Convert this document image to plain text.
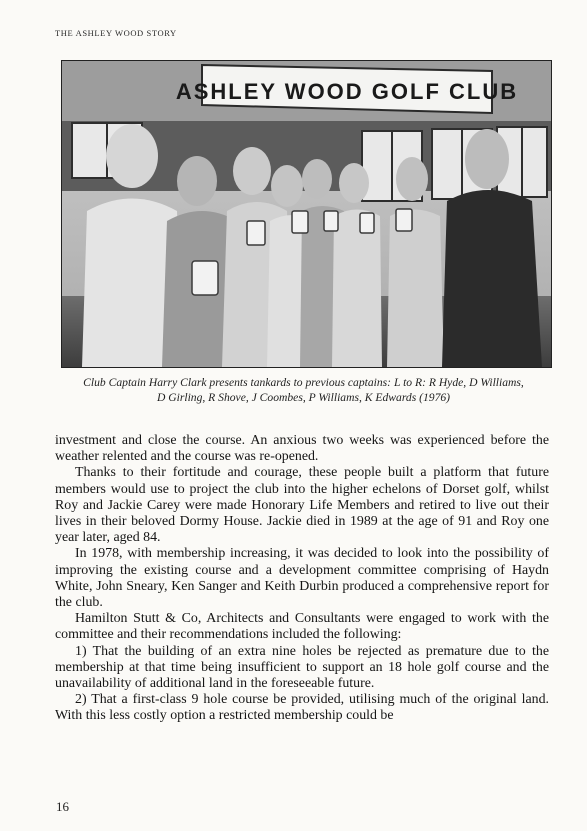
THE ASHLEY WOOD STORY
ASHLEY WOOD GOLF CLUB
Club Captain Harry Clark presents tankards to previous captains: L to R: R Hyde, D Williams,
D Girling, R Shove, J Coombes, P Williams, K Edwards (1976)

investment and close the course. An anxious two weeks was experienced before the weather relented and the course was re-opened.

Thanks to their fortitude and courage, these people built a platform that future members would use to project the club into the higher echelons of Dorset golf, whilst Roy and Jackie Carey were made Honorary Life Members and retired to live out their lives in their beloved Dormy House. Jackie died in 1989 at the age of 91 and Roy one year later, aged 84.

In 1978, with membership increasing, it was decided to look into the possibility of improving the existing course and a development committee comprising of Haydn White, John Sneary, Ken Sanger and Keith Durbin produced a comprehensive report for the club.

Hamilton Stutt & Co, Architects and Consultants were engaged to work with the committee and their recommendations included the following:

1) That the building of an extra nine holes be rejected as premature due to the membership at that time being insufficient to support an 18 hole golf course and the unavailability of additional land in the foreseeable future.

2) That a first-class 9 hole course be provided, utilising much of the original land. With this less costly option a restricted membership could be

16
